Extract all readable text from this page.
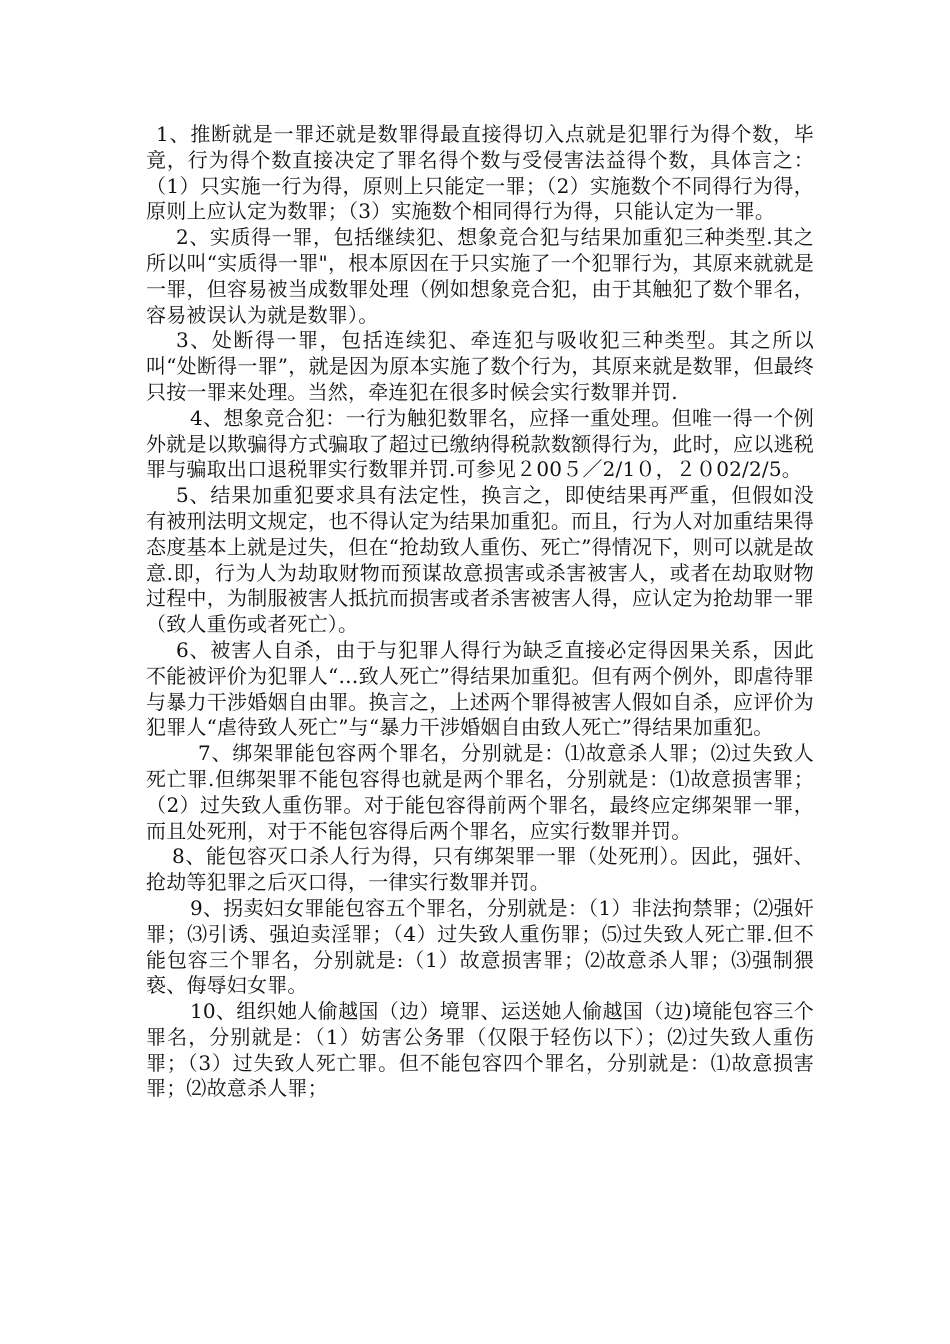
1、推断就是一罪还就是数罪得最直接得切入点就是犯罪行为得个数，毕竟，行为得个数直接决定了罪名得个数与受侵害法益得个数，具体言之：（1）只实施一行为得，原则上只能定一罪；（2）实施数个不同得行为得，原则上应认定为数罪；（3）实施数个相同得行为得，只能认定为一罪。

2、实质得一罪，包括继续犯、想象竞合犯与结果加重犯三种类型.其之所以叫“实质得一罪"，根本原因在于只实施了一个犯罪行为，其原来就就是一罪，但容易被当成数罪处理（例如想象竞合犯，由于其触犯了数个罪名，容易被误认为就是数罪）。

3、处断得一罪，包括连续犯、牵连犯与吸收犯三种类型。其之所以叫“处断得一罪”，就是因为原本实施了数个行为，其原来就是数罪，但最终只按一罪来处理。当然，牵连犯在很多时候会实行数罪并罚.

4、想象竞合犯：一行为触犯数罪名，应择一重处理。但唯一得一个例外就是以欺骗得方式骗取了超过已缴纳得税款数额得行为，此时，应以逃税罪与骗取出口退税罪实行数罪并罚.可参见２00５／2/1０，２０02/2/5。

5、结果加重犯要求具有法定性，换言之，即使结果再严重，但假如没有被刑法明文规定，也不得认定为结果加重犯。而且，行为人对加重结果得态度基本上就是过失，但在“抢劫致人重伤、死亡”得情况下，则可以就是故意.即，行为人为劫取财物而预谋故意损害或杀害被害人，或者在劫取财物过程中，为制服被害人抵抗而损害或者杀害被害人得，应认定为抢劫罪一罪（致人重伤或者死亡）。

6、被害人自杀，由于与犯罪人得行为缺乏直接必定得因果关系，因此不能被评价为犯罪人“…致人死亡”得结果加重犯。但有两个例外，即虐待罪与暴力干涉婚姻自由罪。换言之，上述两个罪得被害人假如自杀，应评价为犯罪人“虐待致人死亡”与“暴力干涉婚姻自由致人死亡”得结果加重犯。

7、绑架罪能包容两个罪名，分别就是：⑴故意杀人罪；⑵过失致人死亡罪.但绑架罪不能包容得也就是两个罪名，分别就是：⑴故意损害罪；（2）过失致人重伤罪。对于能包容得前两个罪名，最终应定绑架罪一罪，而且处死刑，对于不能包容得后两个罪名，应实行数罪并罚。

8、能包容灭口杀人行为得，只有绑架罪一罪（处死刑）。因此，强奸、抢劫等犯罪之后灭口得，一律实行数罪并罚。

9、拐卖妇女罪能包容五个罪名，分别就是：（1）非法拘禁罪；⑵强奸罪；⑶引诱、强迫卖淫罪；（4）过失致人重伤罪；⑸过失致人死亡罪.但不能包容三个罪名，分别就是:（1）故意损害罪；⑵故意杀人罪；⑶强制猥亵、侮辱妇女罪。

10、组织她人偷越国（边）境罪、运送她人偷越国（边)境能包容三个罪名，分别就是：（1）妨害公务罪（仅限于轻伤以下）；⑵过失致人重伤罪；（3）过失致人死亡罪。但不能包容四个罪名，分别就是：⑴故意损害罪；⑵故意杀人罪；
